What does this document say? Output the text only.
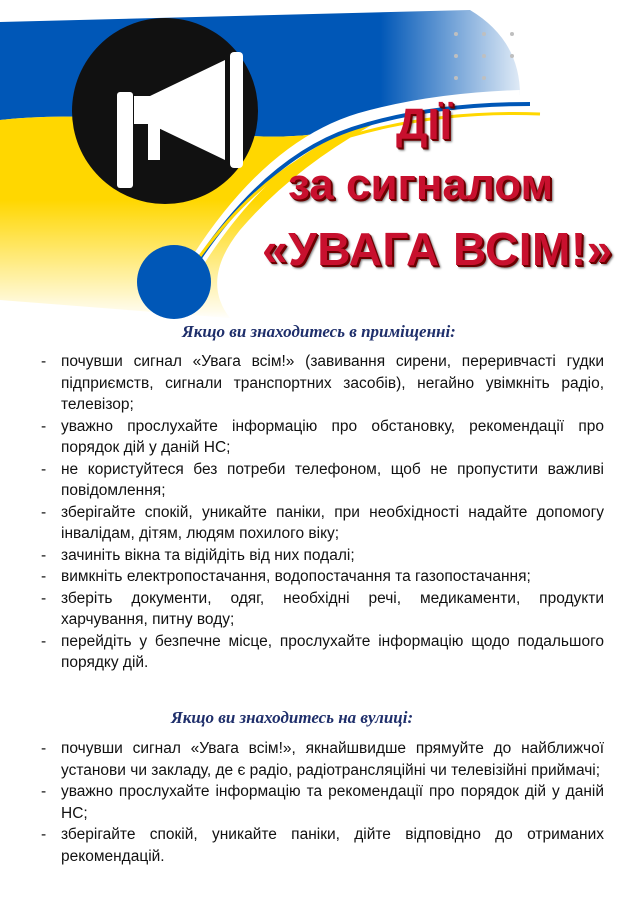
ДІЇ

за сигналом

«УВАГА ВСІМ!»

Якщо ви знаходитесь в приміщенні:

- почувши сигнал «Увага всім!» (завивання сирени, переривчасті гудки підприємств, сигнали транспортних засобів), негайно увімкніть радіо, телевізор;
- уважно прослухайте інформацію про обстановку, рекомендації про порядок дій у даній НС;
- не користуйтеся без потреби телефоном, щоб не пропустити важливі повідомлення;
- зберігайте спокій, уникайте паніки, при необхідності надайте допомогу інвалідам, дітям, людям похилого віку;
- зачиніть вікна та відійдіть від них подалі;
- вимкніть електропостачання, водопостачання та газопостачання;
- зберіть документи, одяг, необхідні речі, медикаменти, продукти харчування, питну воду;
- перейдіть у безпечне місце, прослухайте інформацію щодо подальшого порядку дій.

Якщо ви знаходитесь на вулиці:

- почувши сигнал «Увага всім!», якнайшвидше прямуйте до найближчої установи чи закладу, де є радіо, радіотрансляційні чи телевізійні приймачі;
- уважно прослухайте інформацію та рекомендації про порядок дій у даній НС;
- зберігайте спокій, уникайте паніки, дійте відповідно до отриманих рекомендацій.
